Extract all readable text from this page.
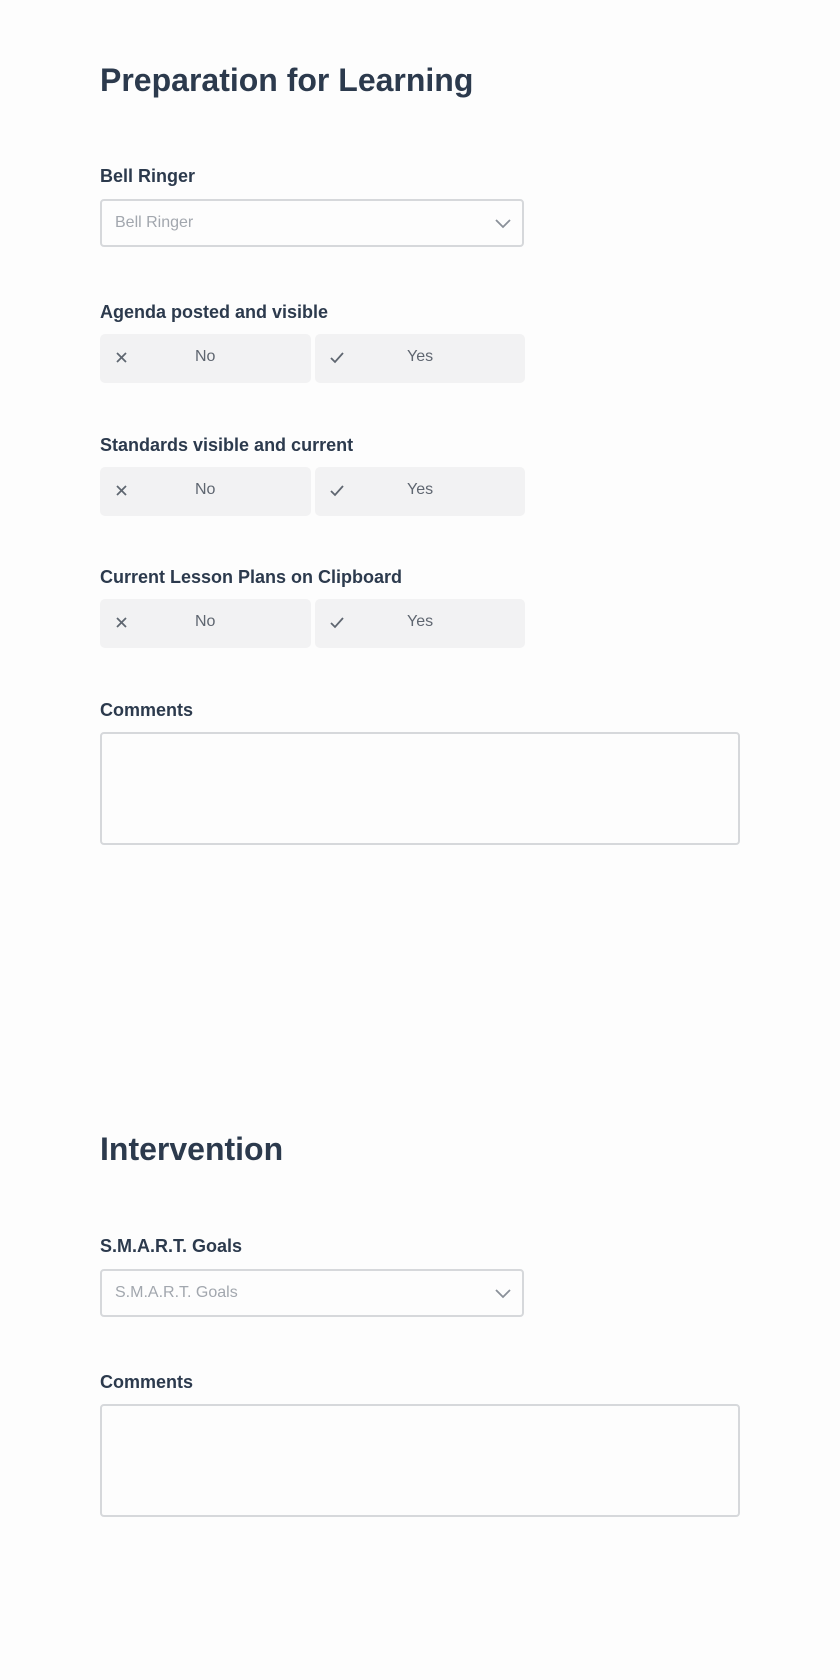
Preparation for Learning
Bell Ringer
Bell Ringer
Agenda posted and visible
No	Yes
Standards visible and current
No	Yes
Current Lesson Plans on Clipboard
No	Yes
Comments
Intervention
S.M.A.R.T. Goals
S.M.A.R.T. Goals
Comments
